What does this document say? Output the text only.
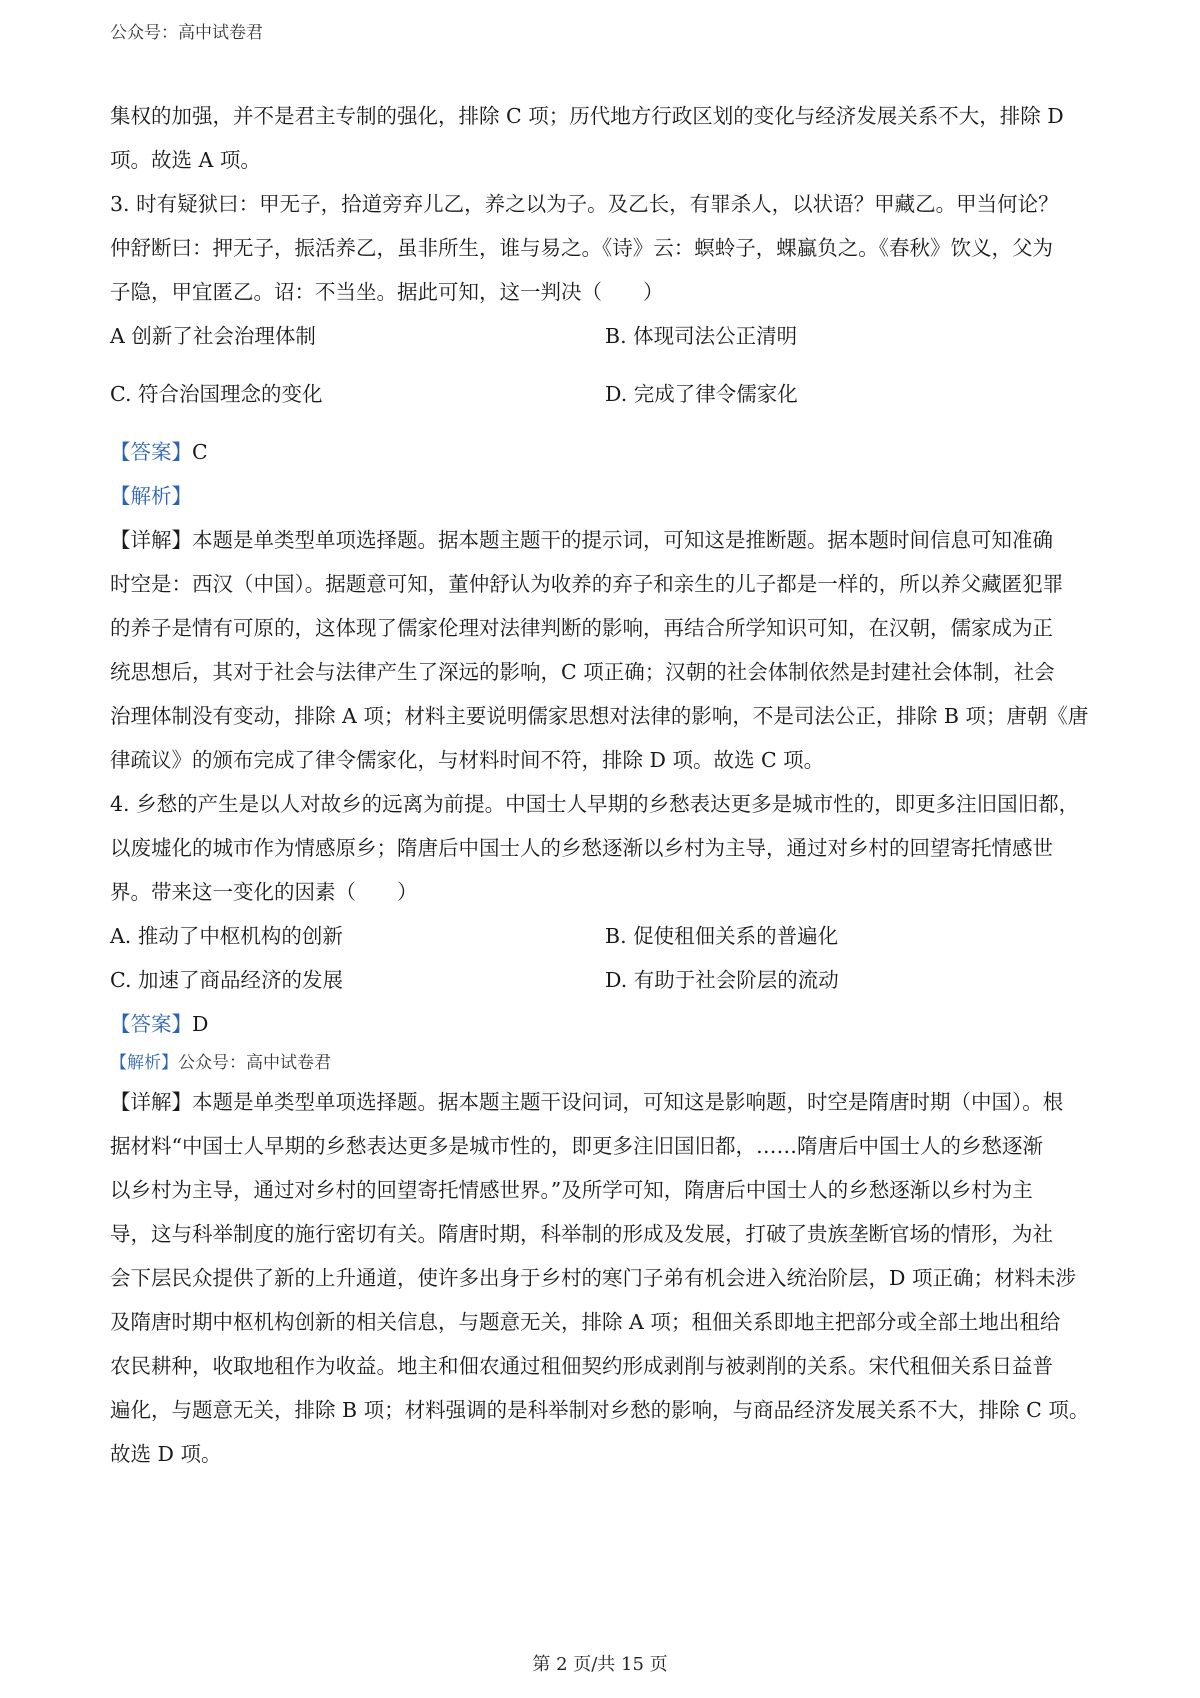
公众号：高中试卷君

集权的加强，并不是君主专制的强化，排除 C 项；历代地方行政区划的变化与经济发展关系不大，排除 D

项。故选 A 项。

3. 时有疑狱曰：甲无子，拾道旁弃儿乙，养之以为子。及乙长，有罪杀人，以状语？甲藏乙。甲当何论？

仲舒断曰：押无子，振活养乙，虽非所生，谁与易之。《诗》云：螟蛉子，蜾蠃负之。《春秋》饮义，父为

子隐，甲宜匿乙。诏：不当坐。据此可知，这一判决（　　）

A 创新了社会治理体制	B. 体现司法公正清明
C. 符合治国理念的变化	D. 完成了律令儒家化

【答案】C

【解析】

【详解】本题是单类型单项选择题。据本题主题干的提示词，可知这是推断题。据本题时间信息可知准确

时空是：西汉（中国）。据题意可知，董仲舒认为收养的弃子和亲生的儿子都是一样的，所以养父藏匿犯罪

的养子是情有可原的，这体现了儒家伦理对法律判断的影响，再结合所学知识可知，在汉朝，儒家成为正

统思想后，其对于社会与法律产生了深远的影响，C 项正确；汉朝的社会体制依然是封建社会体制，社会

治理体制没有变动，排除 A 项；材料主要说明儒家思想对法律的影响，不是司法公正，排除 B 项；唐朝《唐

律疏议》的颁布完成了律令儒家化，与材料时间不符，排除 D 项。故选 C 项。

4. 乡愁的产生是以人对故乡的远离为前提。中国士人早期的乡愁表达更多是城市性的，即更多注旧国旧都，

以废墟化的城市作为情感原乡；隋唐后中国士人的乡愁逐渐以乡村为主导，通过对乡村的回望寄托情感世

界。带来这一变化的因素（　　）

A. 推动了中枢机构的创新	B. 促使租佃关系的普遍化
C. 加速了商品经济的发展	D. 有助于社会阶层的流动

【答案】D

【解析】公众号：高中试卷君

【详解】本题是单类型单项选择题。据本题主题干设问词，可知这是影响题，时空是隋唐时期（中国）。根

据材料“中国士人早期的乡愁表达更多是城市性的，即更多注旧国旧都，……隋唐后中国士人的乡愁逐渐

以乡村为主导，通过对乡村的回望寄托情感世界。”及所学可知，隋唐后中国士人的乡愁逐渐以乡村为主

导，这与科举制度的施行密切有关。隋唐时期，科举制的形成及发展，打破了贵族垄断官场的情形，为社

会下层民众提供了新的上升通道，使许多出身于乡村的寒门子弟有机会进入统治阶层，D 项正确；材料未涉

及隋唐时期中枢机构创新的相关信息，与题意无关，排除 A 项；租佃关系即地主把部分或全部土地出租给

农民耕种，收取地租作为收益。地主和佃农通过租佃契约形成剥削与被剥削的关系。宋代租佃关系日益普

遍化，与题意无关，排除 B 项；材料强调的是科举制对乡愁的影响，与商品经济发展关系不大，排除 C 项。

故选 D 项。

第 2 页/共 15 页
